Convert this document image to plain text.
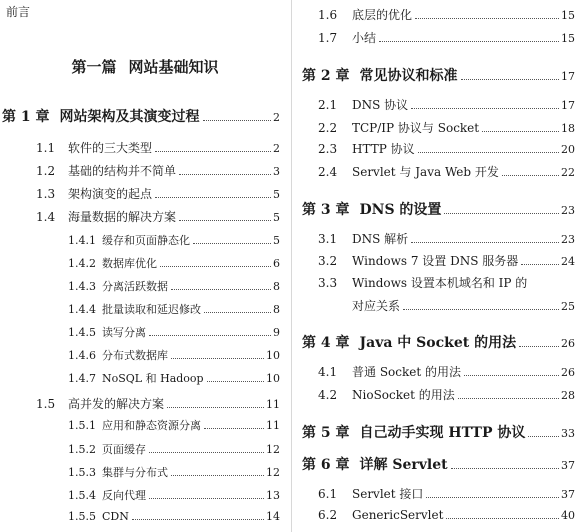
前言
第一篇 网站基础知识
第 1 章 网站架构及其演变过程	2
1.1	软件的三大类型	2
1.2	基础的结构并不简单	3
1.3	架构演变的起点	5
1.4	海量数据的解决方案	5
1.4.1 缓存和页面静态化	5
1.4.2 数据库优化	6
1.4.3 分离活跃数据	8
1.4.4 批量读取和延迟修改	8
1.4.5 读写分离	9
1.4.6 分布式数据库	10
1.4.7 NoSQL 和 Hadoop	10
1.5	高并发的解决方案	11
1.5.1 应用和静态资源分离	11
1.5.2 页面缓存	12
1.5.3 集群与分布式	12
1.5.4 反向代理	13
1.5.5 CDN	14
1.6	底层的优化	15
1.7	小结	15
第 2 章 常见协议和标准	17
2.1	DNS 协议	17
2.2	TCP/IP 协议与 Socket	18
2.3	HTTP 协议	20
2.4	Servlet 与 Java Web 开发	22
第 3 章 DNS 的设置	23
3.1	DNS 解析	23
3.2	Windows 7 设置 DNS 服务器	24
3.3	Windows 设置本机域名和 IP 的
对应关系	25
第 4 章 Java 中 Socket 的用法	26
4.1	普通 Socket 的用法	26
4.2	NioSocket 的用法	28
第 5 章 自己动手实现 HTTP 协议	33
第 6 章 详解 Servlet	37
6.1	Servlet 接口	37
6.2	GenericServlet	40
